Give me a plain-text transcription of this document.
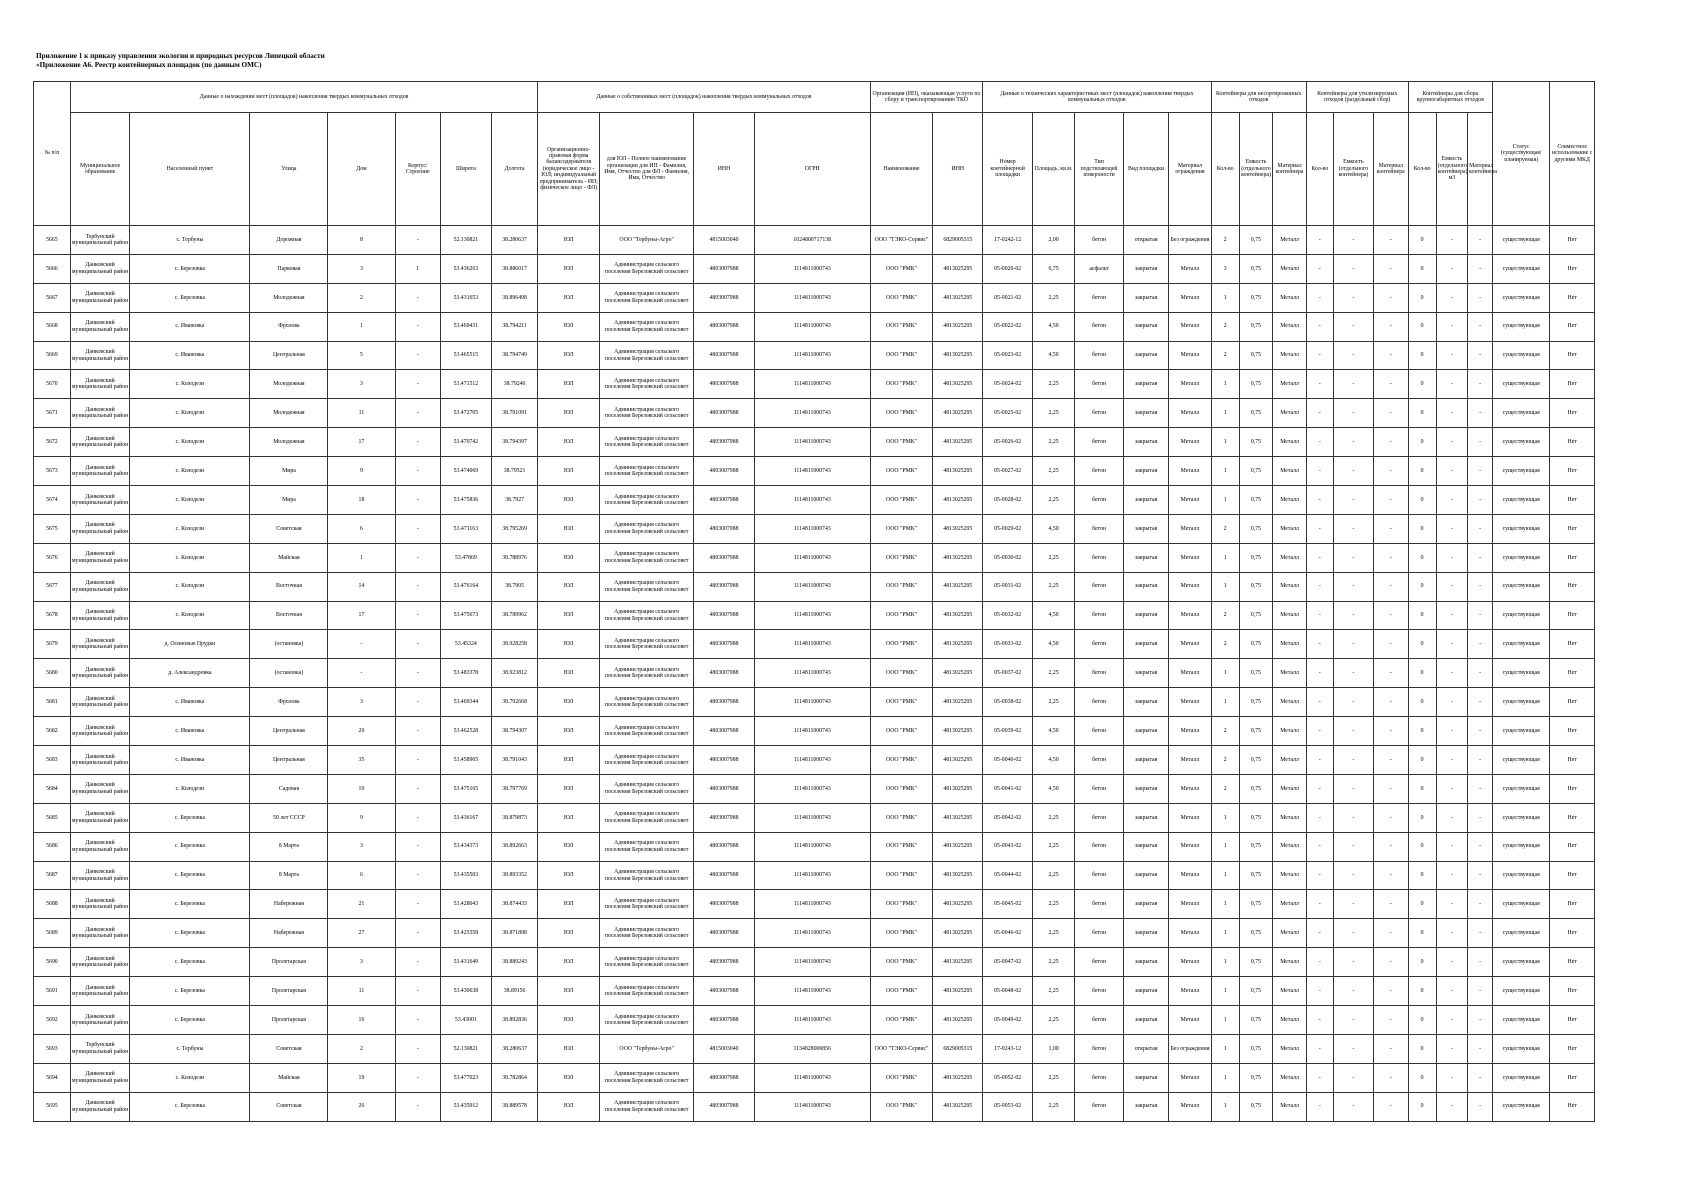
Приложение 1 к приказу управления экологии и природных ресурсов Липецкой области
«Приложение А6. Реестр контейнерных площадок (по данным ОМС)
№ п/п	Данные о нахождении мест (площадок) накопления твердых коммунальных отходов							Данные о собственниках мест (площадок) накопления твердых коммунальных отходов				Организация (ИП), оказывающая услуги по сбору и транспортированию ТКО		Данные о технических характеристиках мест (площадок) накопления твердых коммунальных отходов					Контейнеры для несортированных отходов			Контейнеры для утилизируемых отходов (раздельный сбор)			Контейнеры для сбора крупногабаритных отходов			Статус (существующая/ планируемая)	Совместное использование с другими МКД
	Муниципальное образование	Населенный пункт	Улица	Дом	Корпус/Строение	Широта	Долгота	Организационно-правовая форма балансодержателя (юридическое лицо - ЮЛ; индивидуальный предприниматель - ИП; физическое лицо - ФЛ)	для ЮЛ - Полное наименование организации для ИП - Фамилия, Имя, Отчество для ФЛ - Фамилия, Имя, Отчество	ИНН	ОГРН	Наименование	ИНН	Номер контейнерной площадки	Площадь, кв.м.	Тип подстилающей поверхности	Вид площадки	Материал ограждения	Кол-во	Емкость (отдельного контейнера)	Материал контейнера	Кол-во	Емкость (отдельного контейнера)	Материал контейнера	Кол-во	Емкость (отдельного контейнера) м3	Материал контейнера		
5665	Тербунский муниципальный район	с. Тербуны	Дорожная	8	-	52.130821	38.280637	ЮЛ	ООО "Тербуны-Агро"	4815003040	1024800717138	ООО "ТЭКО-Сервис"	6829005315	17-0242-12	2,00	бетон	открытая	Без ограждения	2	0,75	Металл	-	-	-	0	-	-	существующая	Нет
5666	Данковский муниципальный район	с. Березовка	Парковая	3	1	53.436263	38.886017	ЮЛ	Администрация сельского поселения Березовский сельсовет	4803007988	1114811000743	ООО "РМК"	4813025295	05-0020-02	6,75	асфальт	закрытая	Металл	3	0,75	Металл	-	-	-	0	-	-	существующая	Нет
5667	Данковский муниципальный район	с. Березовка	Молодежная	2	-	53.431653	38.896498	ЮЛ	Администрация сельского поселения Березовский сельсовет	4803007988	1114811000743	ООО "РМК"	4813025295	05-0021-02	2,25	бетон	закрытая	Металл	1	0,75	Металл	-	-	-	0	-	-	существующая	Нет
5668	Данковский муниципальный район	с. Ивановка	Фролова	1	-	53.469431	38.794211	ЮЛ	Администрация сельского поселения Березовский сельсовет	4803007988	1114811000743	ООО "РМК"	4813025295	05-0022-02	4,50	бетон	закрытая	Металл	2	0,75	Металл	-	-	-	0	-	-	существующая	Нет
5669	Данковский муниципальный район	с. Ивановка	Центральная	5	-	53.465515	38.794749	ЮЛ	Администрация сельского поселения Березовский сельсовет	4803007988	1114811000743	ООО "РМК"	4813025295	05-0023-02	4,50	бетон	закрытая	Металл	2	0,75	Металл	-	-	-	0	-	-	существующая	Нет
5670	Данковский муниципальный район	с. Колодези	Молодежная	3	-	53.471512	38.79246	ЮЛ	Администрация сельского поселения Березовский сельсовет	4803007988	1114811000743	ООО "РМК"	4813025295	05-0024-02	2,25	бетон	закрытая	Металл	1	0,75	Металл	-	-	-	0	-	-	существующая	Нет
5671	Данковский муниципальный район	с. Колодези	Молодежная	11	-	53.472705	38.791091	ЮЛ	Администрация сельского поселения Березовский сельсовет	4803007988	1114811000743	ООО "РМК"	4813025295	05-0025-02	2,25	бетон	закрытая	Металл	1	0,75	Металл	-	-	-	0	-	-	существующая	Нет
5672	Данковский муниципальный район	с. Колодези	Молодежная	17	-	53.470742	38.794397	ЮЛ	Администрация сельского поселения Березовский сельсовет	4803007988	1114811000743	ООО "РМК"	4813025295	05-0026-02	2,25	бетон	закрытая	Металл	1	0,75	Металл	-	-	-	0	-	-	существующая	Нет
5673	Данковский муниципальный район	с. Колодези	Мира	9	-	53.474069	38.79521	ЮЛ	Администрация сельского поселения Березовский сельсовет	4803007988	1114811000743	ООО "РМК"	4813025295	05-0027-02	2,25	бетон	закрытая	Металл	1	0,75	Металл	-	-	-	0	-	-	существующая	Нет
5674	Данковский муниципальный район	с. Колодези	Мира	18	-	53.475836	38.7927	ЮЛ	Администрация сельского поселения Березовский сельсовет	4803007988	1114811000743	ООО "РМК"	4813025295	05-0028-02	2,25	бетон	закрытая	Металл	1	0,75	Металл	-	-	-	0	-	-	существующая	Нет
5675	Данковский муниципальный район	с. Колодези	Советская	6	-	53.471163	38.795269	ЮЛ	Администрация сельского поселения Березовский сельсовет	4803007988	1114811000743	ООО "РМК"	4813025295	05-0029-02	4,50	бетон	закрытая	Металл	2	0,75	Металл	-	-	-	0	-	-	существующая	Нет
5676	Данковский муниципальный район	с. Колодези	Майская	1	-	53.47869	38.788976	ЮЛ	Администрация сельского поселения Березовский сельсовет	4803007988	1114811000743	ООО "РМК"	4813025295	05-0030-02	2,25	бетон	закрытая	Металл	1	0,75	Металл	-	-	-	0	-	-	существующая	Нет
5677	Данковский муниципальный район	с. Колодези	Восточная	14	-	53.476164	38.7905	ЮЛ	Администрация сельского поселения Березовский сельсовет	4803007988	1114811000743	ООО "РМК"	4813025295	05-0031-02	2,25	бетон	закрытая	Металл	1	0,75	Металл	-	-	-	0	-	-	существующая	Нет
5678	Данковский муниципальный район	с. Колодези	Восточная	17	-	53.475673	38.789962	ЮЛ	Администрация сельского поселения Березовский сельсовет	4803007988	1114811000743	ООО "РМК"	4813025295	05-0032-02	4,50	бетон	закрытая	Металл	2	0,75	Металл	-	-	-	0	-	-	существующая	Нет
5679	Данковский муниципальный район	д. Осиновые Прудки	(остановка)	-	-	53.45324	38.928258	ЮЛ	Администрация сельского поселения Березовский сельсовет	4803007988	1114811000743	ООО "РМК"	4813025295	05-0033-02	4,50	бетон	закрытая	Металл	2	0,75	Металл	-	-	-	0	-	-	существующая	Нет
5680	Данковский муниципальный район	д. Александровка	(остановка)	-	-	53.483378	38.923812	ЮЛ	Администрация сельского поселения Березовский сельсовет	4803007988	1114811000743	ООО "РМК"	4813025295	05-0037-02	2,25	бетон	закрытая	Металл	1	0,75	Металл	-	-	-	0	-	-	существующая	Нет
5681	Данковский муниципальный район	с. Ивановка	Фролова	3	-	53.469344	38.792668	ЮЛ	Администрация сельского поселения Березовский сельсовет	4803007988	1114811000743	ООО "РМК"	4813025295	05-0038-02	2,25	бетон	закрытая	Металл	1	0,75	Металл	-	-	-	0	-	-	существующая	Нет
5682	Данковский муниципальный район	с. Ивановка	Центральная	20	-	53.462528	38.794307	ЮЛ	Администрация сельского поселения Березовский сельсовет	4803007988	1114811000743	ООО "РМК"	4813025295	05-0039-02	4,50	бетон	закрытая	Металл	2	0,75	Металл	-	-	-	0	-	-	существующая	Нет
5683	Данковский муниципальный район	с. Ивановка	Центральная	35	-	53.458965	38.791043	ЮЛ	Администрация сельского поселения Березовский сельсовет	4803007988	1114811000743	ООО "РМК"	4813025295	05-0040-02	4,50	бетон	закрытая	Металл	2	0,75	Металл	-	-	-	0	-	-	существующая	Нет
5684	Данковский муниципальный район	с. Колодези	Садовая	10	-	53.475165	38.797769	ЮЛ	Администрация сельского поселения Березовский сельсовет	4803007988	1114811000743	ООО "РМК"	4813025295	05-0041-02	4,50	бетон	закрытая	Металл	2	0,75	Металл	-	-	-	0	-	-	существующая	Нет
5685	Данковский муниципальный район	с. Березовка	50 лет СССР	9	-	53.436167	38.879873	ЮЛ	Администрация сельского поселения Березовский сельсовет	4803007988	1114811000743	ООО "РМК"	4813025295	05-0042-02	2,25	бетон	закрытая	Металл	1	0,75	Металл	-	-	-	0	-	-	существующая	Нет
5686	Данковский муниципальный район	с. Березовка	8 Марта	3	-	53.434373	38.892663	ЮЛ	Администрация сельского поселения Березовский сельсовет	4803007988	1114811000743	ООО "РМК"	4813025295	05-0043-02	2,25	бетон	закрытая	Металл	1	0,75	Металл	-	-	-	0	-	-	существующая	Нет
5687	Данковский муниципальный район	с. Березовка	8 Марта	6	-	53.435503	38.893352	ЮЛ	Администрация сельского поселения Березовский сельсовет	4803007988	1114811000743	ООО "РМК"	4813025295	05-0044-02	2,25	бетон	закрытая	Металл	1	0,75	Металл	-	-	-	0	-	-	существующая	Нет
5688	Данковский муниципальный район	с. Березовка	Набережная	21	-	53.428043	38.874433	ЮЛ	Администрация сельского поселения Березовский сельсовет	4803007988	1114811000743	ООО "РМК"	4813025295	05-0045-02	2,25	бетон	закрытая	Металл	1	0,75	Металл	-	-	-	0	-	-	существующая	Нет
5689	Данковский муниципальный район	с. Березовка	Набережная	27	-	53.425558	38.871898	ЮЛ	Администрация сельского поселения Березовский сельсовет	4803007988	1114811000743	ООО "РМК"	4813025295	05-0046-02	2,25	бетон	закрытая	Металл	1	0,75	Металл	-	-	-	0	-	-	существующая	Нет
5690	Данковский муниципальный район	с. Березовка	Пролетарская	3	-	53.431649	38.889243	ЮЛ	Администрация сельского поселения Березовский сельсовет	4803007988	1114811000743	ООО "РМК"	4813025295	05-0047-02	2,25	бетон	закрытая	Металл	1	0,75	Металл	-	-	-	0	-	-	существующая	Нет
5691	Данковский муниципальный район	с. Березовка	Пролетарская	11	-	53.430638	38.89156	ЮЛ	Администрация сельского поселения Березовский сельсовет	4803007988	1114811000743	ООО "РМК"	4813025295	05-0048-02	2,25	бетон	закрытая	Металл	1	0,75	Металл	-	-	-	0	-	-	существующая	Нет
5692	Данковский муниципальный район	с. Березовка	Пролетарская	16	-	53.43001	38.892836	ЮЛ	Администрация сельского поселения Березовский сельсовет	4803007988	1114811000743	ООО "РМК"	4813025295	05-0049-02	2,25	бетон	закрытая	Металл	1	0,75	Металл	-	-	-	0	-	-	существующая	Нет
5693	Тербунский муниципальный район	с. Тербуны	Советская	2	-	52.130821	38.280637	ЮЛ	ООО "Тербуны-Агро"	4815003040	1134828000856	ООО "ТЭКО-Сервис"	6829005315	17-0243-12	1,00	бетон	открытая	Без ограждения	1	0,75	Металл	-	-	-	0	-	-	существующая	Нет
5694	Данковский муниципальный район	с. Колодези	Майская	19	-	53.477023	38.782864	ЮЛ	Администрация сельского поселения Березовский сельсовет	4803007988	1114811000743	ООО "РМК"	4813025295	05-0052-02	2,25	бетон	закрытая	Металл	1	0,75	Металл	-	-	-	0	-	-	существующая	Нет
5695	Данковский муниципальный район	с. Березовка	Советская	26	-	53.435912	38.889578	ЮЛ	Администрация сельского поселения Березовский сельсовет	4803007988	1114811000743	ООО "РМК"	4813025295	05-0053-02	2,25	бетон	закрытая	Металл	1	0,75	Металл	-	-	-	0	-	-	существующая	Нет
